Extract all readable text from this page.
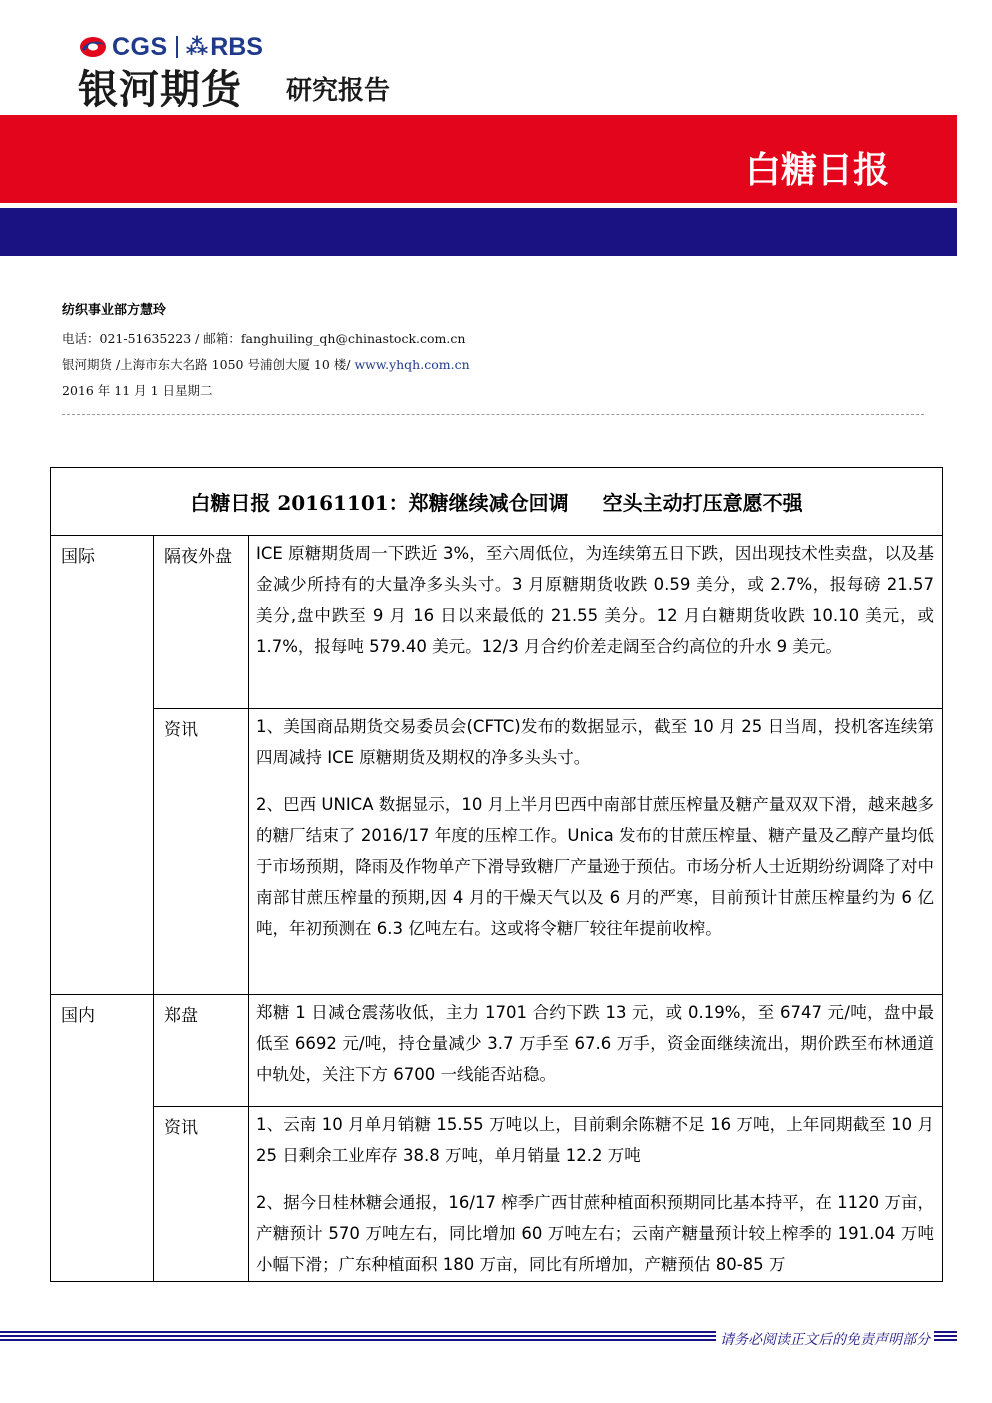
CGS ⁂ RBS
银河期货 研究报告
白糖日报
纺织事业部方慧玲
电话：021-51635223 / 邮箱：fanghuiling_qh@chinastock.com.cn
银河期货 /上海市东大名路 1050 号浦创大厦 10 楼/ www.yhqh.com.cn
2016 年 11 月 1 日星期二
白糖日报 20161101：郑糖继续减仓回调 空头主动打压意愿不强		
国际	隔夜外盘	ICE 原糖期货周一下跌近 3%，至六周低位，为连续第五日下跌，因出现技术性卖盘，以及基金减少所持有的大量净多头头寸。3 月原糖期货收跌 0.59 美分，或 2.7%，报每磅 21.57 美分,盘中跌至 9 月 16 日以来最低的 21.55 美分。12 月白糖期货收跌 10.10 美元，或 1.7%，报每吨 579.40 美元。12/3 月合约价差走阔至合约高位的升水 9 美元。

	资讯	1、美国商品期货交易委员会(CFTC)发布的数据显示，截至 10 月 25 日当周，投机客连续第四周减持 ICE 原糖期货及期权的净多头头寸。

2、巴西 UNICA 数据显示，10 月上半月巴西中南部甘蔗压榨量及糖产量双双下滑，越来越多的糖厂结束了 2016/17 年度的压榨工作。Unica 发布的甘蔗压榨量、糖产量及乙醇产量均低于市场预期，降雨及作物单产下滑导致糖厂产量逊于预估。市场分析人士近期纷纷调降了对中南部甘蔗压榨量的预期,因 4 月的干燥天气以及 6 月的严寒，目前预计甘蔗压榨量约为 6 亿吨，年初预测在 6.3 亿吨左右。这或将令糖厂较往年提前收榨。

国内	郑盘	郑糖 1 日减仓震荡收低，主力 1701 合约下跌 13 元，或 0.19%，至 6747 元/吨，盘中最低至 6692 元/吨，持仓量减少 3.7 万手至 67.6 万手，资金面继续流出，期价跌至布林通道中轨处，关注下方 6700 一线能否站稳。

	资讯	1、云南 10 月单月销糖 15.55 万吨以上，目前剩余陈糖不足 16 万吨，上年同期截至 10 月 25 日剩余工业库存 38.8 万吨，单月销量 12.2 万吨

2、据今日桂林糖会通报，16/17 榨季广西甘蔗种植面积预期同比基本持平，在 1120 万亩，产糖预计 570 万吨左右，同比增加 60 万吨左右；云南产糖量预计较上榨季的 191.04 万吨小幅下滑；广东种植面积 180 万亩，同比有所增加，产糖预估 80-85 万

请务必阅读正文后的免责声明部分
